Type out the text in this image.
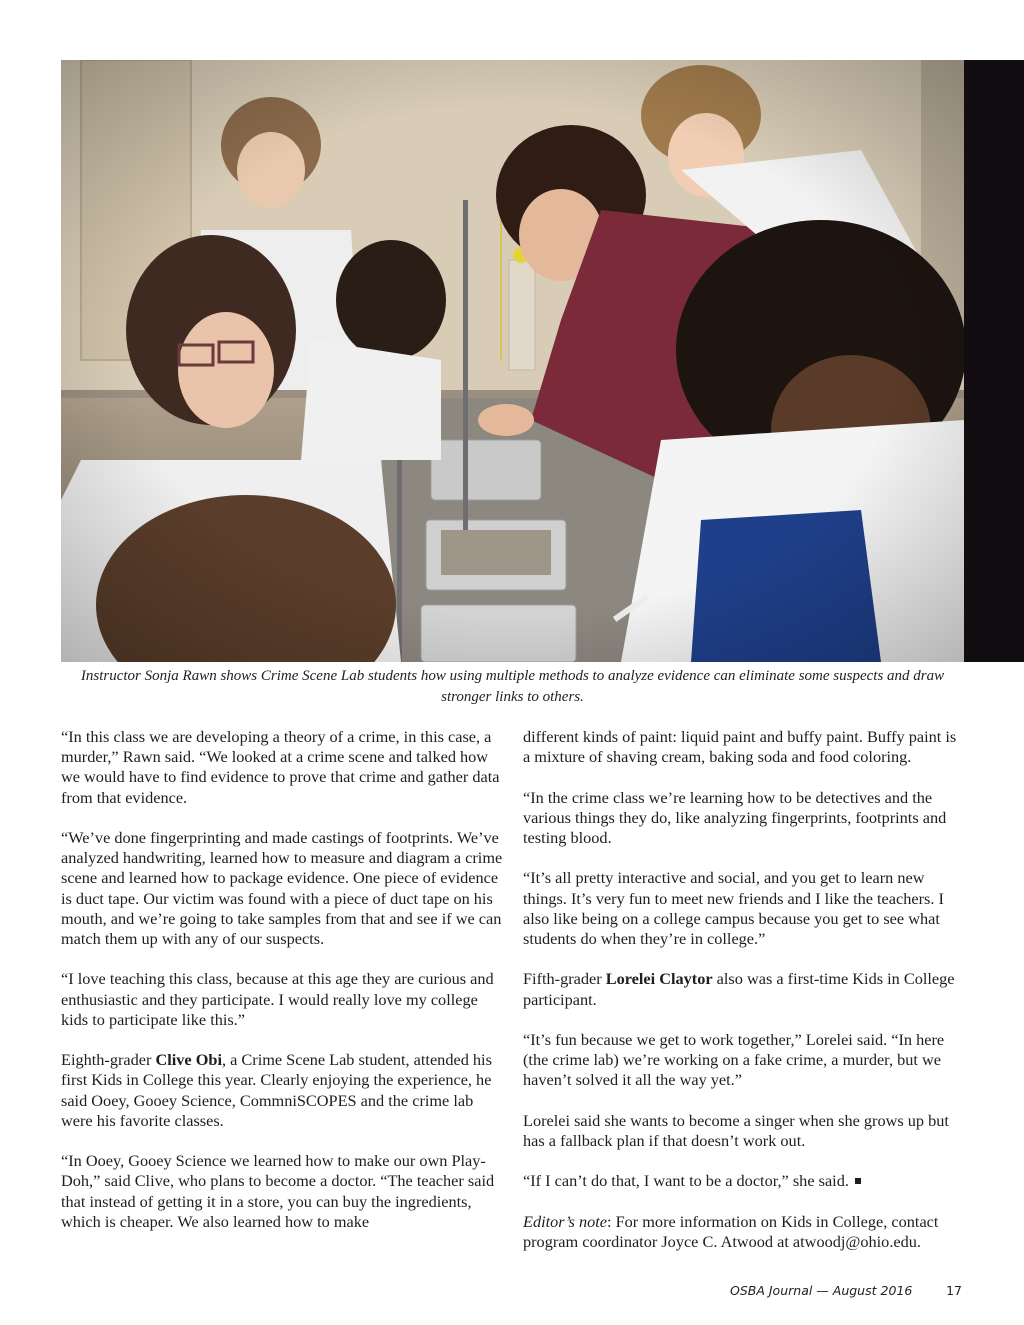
Instructor Sonja Rawn shows Crime Scene Lab students how using multiple methods to analyze evidence can eliminate some suspects and draw stronger links to others.

“In this class we are developing a theory of a crime, in this case, a murder,” Rawn said. “We looked at a crime scene and talked how we would have to find evidence to prove that crime and gather data from that evidence.

“We’ve done fingerprinting and made castings of footprints. We’ve analyzed handwriting, learned how to measure and diagram a crime scene and learned how to package evidence. One piece of evidence is duct tape. Our victim was found with a piece of duct tape on his mouth, and we’re going to take samples from that and see if we can match them up with any of our suspects.

“I love teaching this class, because at this age they are curious and enthusiastic and they participate. I would really love my college kids to participate like this.”

Eighth-grader Clive Obi, a Crime Scene Lab student, attended his first Kids in College this year. Clearly enjoying the experience, he said Ooey, Gooey Science, CommniSCOPES and the crime lab were his favorite classes.

“In Ooey, Gooey Science we learned how to make our own Play-Doh,” said Clive, who plans to become a doctor. “The teacher said that instead of getting it in a store, you can buy the ingredients, which is cheaper. We also learned how to make

different kinds of paint: liquid paint and buffy paint. Buffy paint is a mixture of shaving cream, baking soda and food coloring.

“In the crime class we’re learning how to be detectives and the various things they do, like analyzing fingerprints, footprints and testing blood.

“It’s all pretty interactive and social, and you get to learn new things. It’s very fun to meet new friends and I like the teachers. I also like being on a college campus because you get to see what students do when they’re in college.”

Fifth-grader Lorelei Claytor also was a first-time Kids in College participant.

“It’s fun because we get to work together,” Lorelei said. “In here (the crime lab) we’re working on a fake crime, a murder, but we haven’t solved it all the way yet.”

Lorelei said she wants to become a singer when she grows up but has a fallback plan if that doesn’t work out.

“If I can’t do that, I want to be a doctor,” she said.

Editor’s note: For more information on Kids in College, contact program coordinator Joyce C. Atwood at atwoodj@ohio.edu.

OSBA Journal — August 2016	17
